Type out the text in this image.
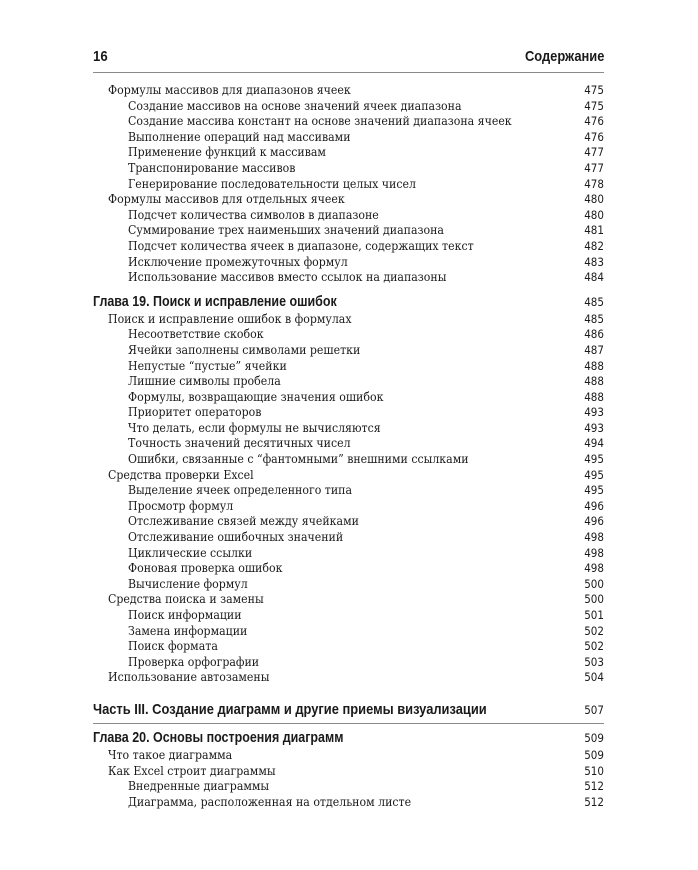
16	Содержание
Формулы массивов для диапазонов ячеек	475
Создание массивов на основе значений ячеек диапазона	475
Создание массива констант на основе значений диапазона ячеек	476
Выполнение операций над массивами	476
Применение функций к массивам	477
Транспонирование массивов	477
Генерирование последовательности целых чисел	478
Формулы массивов для отдельных ячеек	480
Подсчет количества символов в диапазоне	480
Суммирование трех наименьших значений диапазона	481
Подсчет количества ячеек в диапазоне, содержащих текст	482
Исключение промежуточных формул	483
Использование массивов вместо ссылок на диапазоны	484
Глава 19. Поиск и исправление ошибок	485
Поиск и исправление ошибок в формулах	485
Несоответствие скобок	486
Ячейки заполнены символами решетки	487
Непустые “пустые” ячейки	488
Лишние символы пробела	488
Формулы, возвращающие значения ошибок	488
Приоритет операторов	493
Что делать, если формулы не вычисляются	493
Точность значений десятичных чисел	494
Ошибки, связанные с “фантомными” внешними ссылками	495
Средства проверки Excel	495
Выделение ячеек определенного типа	495
Просмотр формул	496
Отслеживание связей между ячейками	496
Отслеживание ошибочных значений	498
Циклические ссылки	498
Фоновая проверка ошибок	498
Вычисление формул	500
Средства поиска и замены	500
Поиск информации	501
Замена информации	502
Поиск формата	502
Проверка орфографии	503
Использование автозамены	504
Часть III. Создание диаграмм и другие приемы визуализации	507
Глава 20. Основы построения диаграмм	509
Что такое диаграмма	509
Как Excel строит диаграммы	510
Внедренные диаграммы	512
Диаграмма, расположенная на отдельном листе	512
